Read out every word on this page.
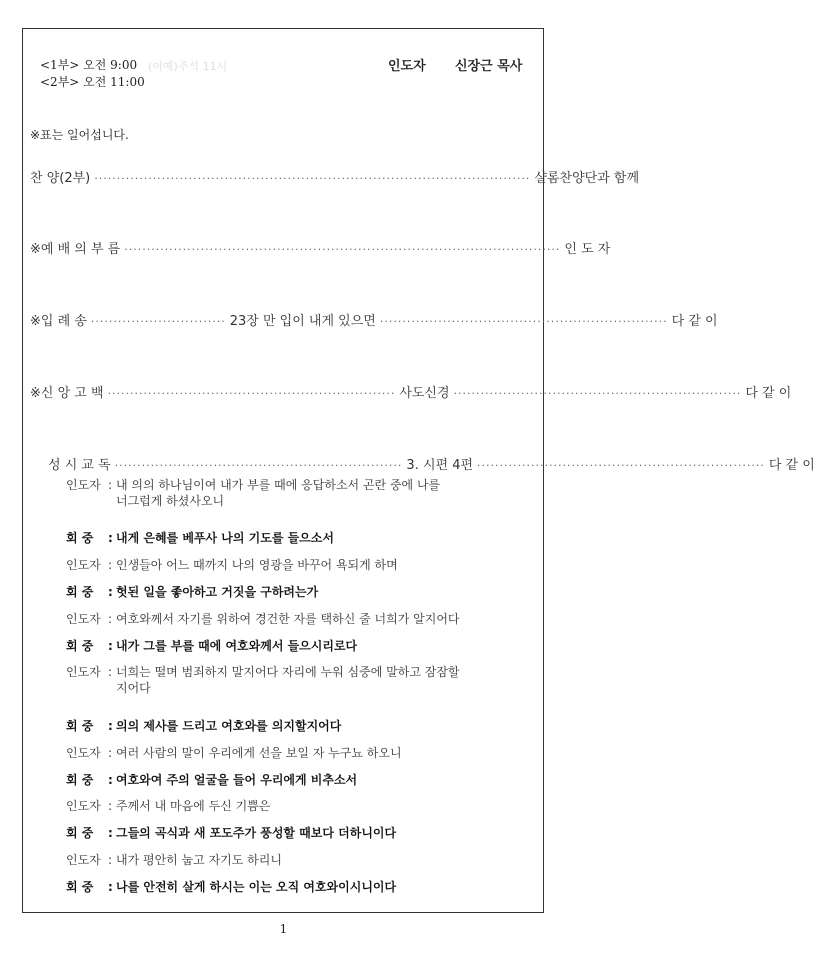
<1부> 오전 9:00 (어예)주석 11시
<2부> 오전 11:00
인도자 신장근 목사
※표는 일어섭니다.
찬 양(2부) ································································································· 샬롬찬양단과 함께
※예 배 의 부 름 ································································································· 인 도 자
※입 례 송 ······························ 23장 만 입이 내게 있으면 ································································ 다 같 이
※신 앙 고 백 ································································ 사도신경 ································································ 다 같 이
성 시 교 독 ································································ 3. 시편 4편 ································································ 다 같 이
인도자 : 내 의의 하나님이여 내가 부를 때에 응답하소서 곤란 중에 나를
너그럽게 하셨사오니
회 중 : 내게 은혜를 베푸사 나의 기도를 들으소서
인도자 : 인생들아 어느 때까지 나의 영광을 바꾸어 욕되게 하며
회 중 : 헛된 일을 좋아하고 거짓을 구하려는가
인도자 : 여호와께서 자기를 위하여 경건한 자를 택하신 줄 너희가 알지어다
회 중 : 내가 그를 부를 때에 여호와께서 들으시리로다
인도자 : 너희는 떨며 범죄하지 말지어다 자리에 누워 심중에 말하고 잠잠할
지어다
회 중 : 의의 제사를 드리고 여호와를 의지할지어다
인도자 : 여러 사람의 말이 우리에게 선을 보일 자 누구뇨 하오니
회 중 : 여호와여 주의 얼굴을 들어 우리에게 비추소서
인도자 : 주께서 내 마음에 두신 기쁨은
회 중 : 그들의 곡식과 새 포도주가 풍성할 때보다 더하니이다
인도자 : 내가 평안히 눕고 자기도 하리니
회 중 : 나를 안전히 살게 하시는 이는 오직 여호와이시니이다
1
